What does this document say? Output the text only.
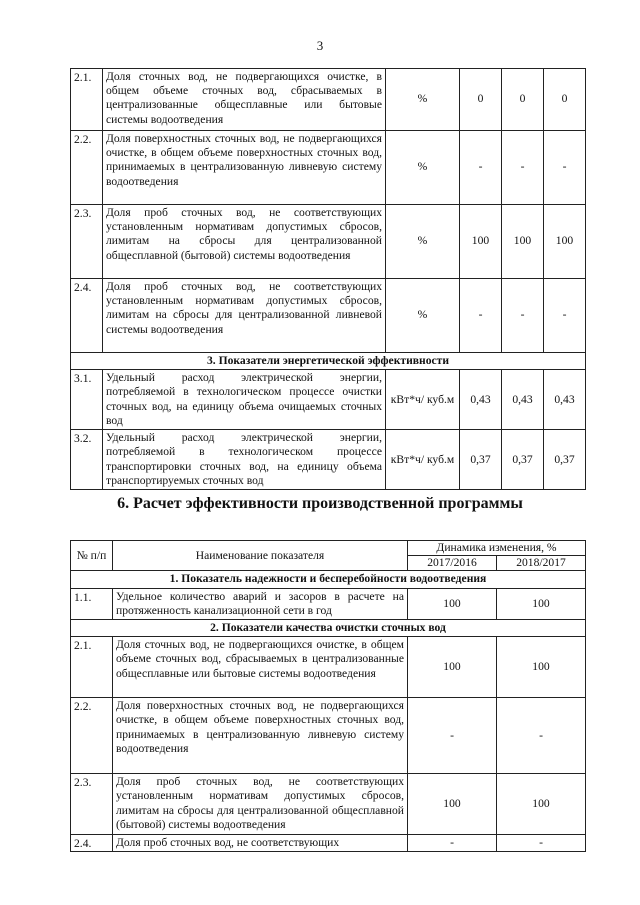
3
2.1.	Доля сточных вод, не подвергающихся очистке, в общем объеме сточных вод, сбрасываемых в централизованные общесплавные или бытовые системы водоотведения	%	0	0	0
2.2.	Доля поверхностных сточных вод, не подвергающихся очистке, в общем объеме поверхностных сточных вод, принимаемых в централизованную ливневую систему водоотведения	%	-	-	-
2.3.	Доля проб сточных вод, не соответствующих установленным нормативам допустимых сбросов, лимитам на сбросы для централизованной общесплавной (бытовой) системы водоотведения	%	100	100	100
2.4.	Доля проб сточных вод, не соответствующих установленным нормативам допустимых сбросов, лимитам на сбросы для централизованной ливневой системы водоотведения	%	-	-	-
3. Показатели энергетической эффективности					
3.1.	Удельный расход электрической энергии, потребляемой в технологическом процессе очистки сточных вод, на единицу объема очищаемых сточных вод	кВт*ч/ куб.м	0,43	0,43	0,43
3.2.	Удельный расход электрической энергии, потребляемой в технологическом процессе транспортировки сточных вод, на единицу объема транспортируемых сточных вод	кВт*ч/ куб.м	0,37	0,37	0,37
6. Расчет эффективности производственной программы
№ п/п	Наименование показателя	Динамика изменения, %	
		2017/2016	2018/2017
1. Показатель надежности и бесперебойности водоотведения			
1.1.	Удельное количество аварий и засоров в расчете на протяженность канализационной сети в год	100	100
2. Показатели качества очистки сточных вод			
2.1.	Доля сточных вод, не подвергающихся очистке, в общем объеме сточных вод, сбрасываемых в централизованные общесплавные или бытовые системы водоотведения	100	100
2.2.	Доля поверхностных сточных вод, не подвергающихся очистке, в общем объеме поверхностных сточных вод, принимаемых в централизованную ливневую систему водоотведения	-	-
2.3.	Доля проб сточных вод, не соответствующих установленным нормативам допустимых сбросов, лимитам на сбросы для централизованной общесплавной (бытовой) системы водоотведения	100	100
2.4.	Доля проб сточных вод, не соответствующих	-	-
